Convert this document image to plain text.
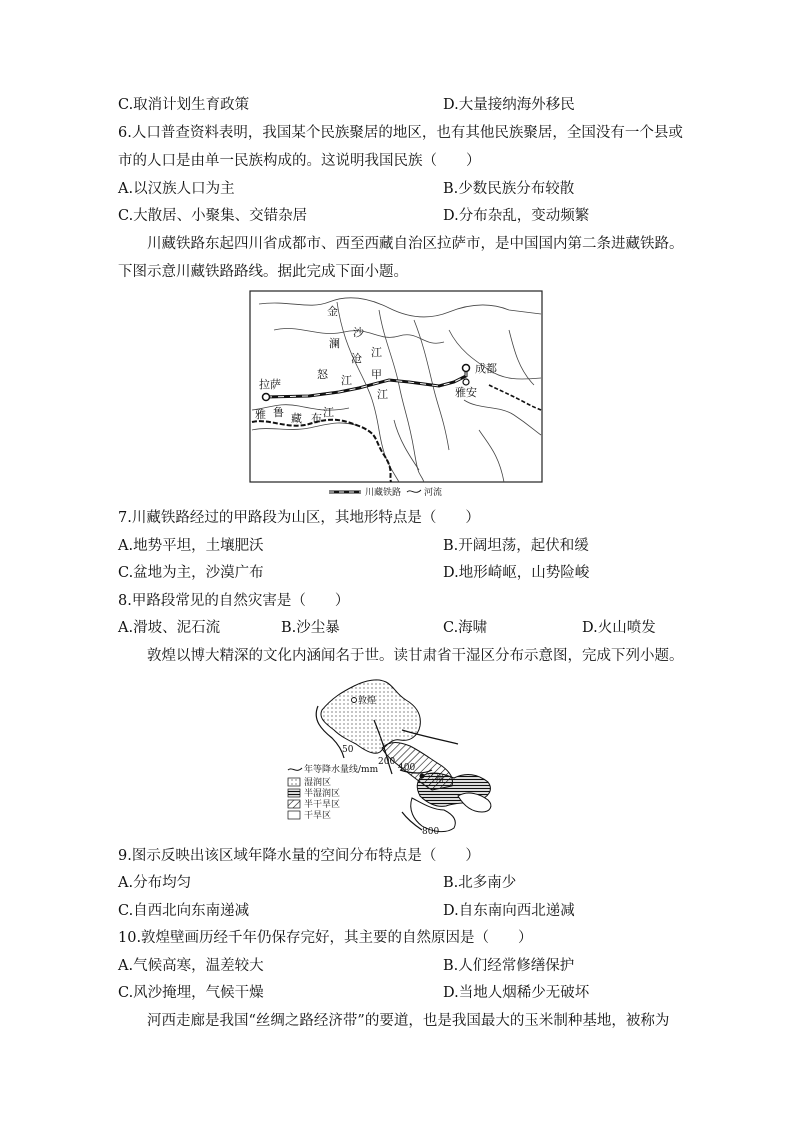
C.取消计划生育政策	D.大量接纳海外移民
6.人口普查资料表明，我国某个民族聚居的地区，也有其他民族聚居，全国没有一个县或
市的人口是由单一民族构成的。这说明我国民族（　　）
A.以汉族人口为主	B.少数民族分布较散
C.大散居、小聚集、交错杂居	D.分布杂乱，变动频繁
川藏铁路东起四川省成都市、西至西藏自治区拉萨市，是中国国内第二条进藏铁路。
下图示意川藏铁路路线。据此完成下面小题。
金
沙
澜
江
沧
甲
怒 江
江
成都
雅安
拉萨
雅 鲁 藏 布 江
川藏铁路	河流
7.川藏铁路经过的甲路段为山区，其地形特点是（　　）
A.地势平坦，土壤肥沃	B.开阔坦荡，起伏和缓
C.盆地为主，沙漠广布	D.地形崎岖，山势险峻
8.甲路段常见的自然灾害是（　　）
A.滑坡、泥石流	B.沙尘暴	C.海啸	D.火山喷发
敦煌以博大精深的文化内涵闻名于世。读甘肃省干湿区分布示意图，完成下列小题。
敦煌
兰州
50
200
400
800
年等降水量线/mm
湿润区
半湿润区
半干旱区
干旱区
9.图示反映出该区域年降水量的空间分布特点是（　　）
A.分布均匀	B.北多南少
C.自西北向东南递减	D.自东南向西北递减
10.敦煌壁画历经千年仍保存完好，其主要的自然原因是（　　）
A.气候高寒，温差较大	B.人们经常修缮保护
C.风沙掩埋，气候干燥	D.当地人烟稀少无破坏
河西走廊是我国“丝绸之路经济带”的要道，也是我国最大的玉米制种基地，被称为
